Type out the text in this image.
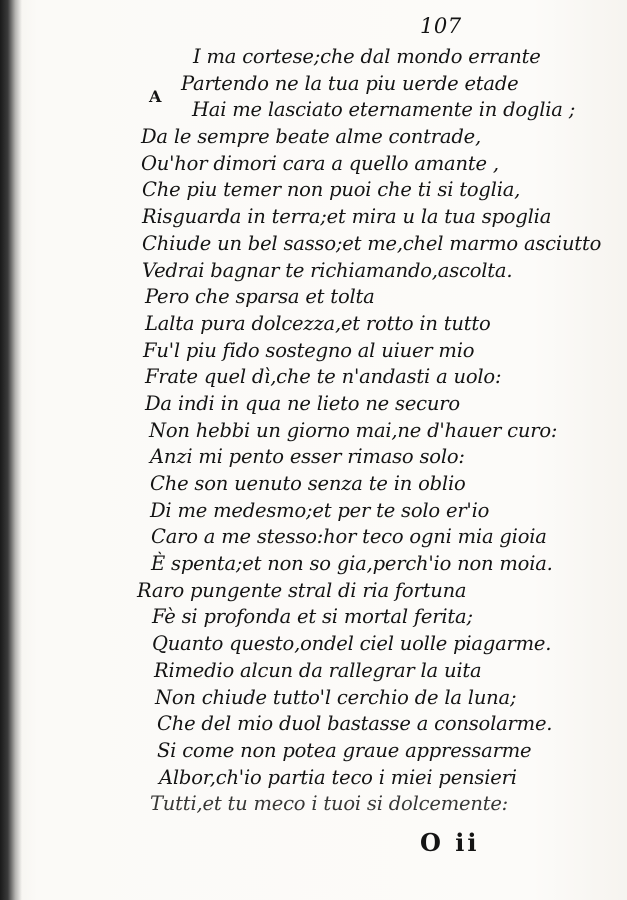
107
A
I ma cortese;che dal mondo errante
Partendo ne la tua piu uerde etade
Hai me lasciato eternamente in doglia ;
Da le sempre beate alme contrade,
Ou'hor dimori cara a quello amante ,
Che piu temer non puoi che ti si toglia,
Risguarda in terra;et mira u la tua spoglia
Chiude un bel sasso;et me,chel marmo asciutto
Vedrai bagnar te richiamando,ascolta.
Pero che sparsa et tolta
Lalta pura dolcezza,et rotto in tutto
Fu'l piu fido sostegno al uiuer mio
Frate quel dì,che te n'andasti a uolo:
Da indi in qua ne lieto ne securo
Non hebbi un giorno mai,ne d'hauer curo:
Anzi mi pento esser rimaso solo:
Che son uenuto senza te in oblio
Di me medesmo;et per te solo er'io
Caro a me stesso:hor teco ogni mia gioia
È spenta;et non so gia,perch'io non moia.
Raro pungente stral di ria fortuna
Fè si profonda et si mortal ferita;
Quanto questo,ondel ciel uolle piagarme.
Rimedio alcun da rallegrar la uita
Non chiude tutto'l cerchio de la luna;
Che del mio duol bastasse a consolarme.
Si come non potea graue appressarme
Albor,ch'io partia teco i miei pensieri
Tutti,et tu meco i tuoi si dolcemente:
O ii
